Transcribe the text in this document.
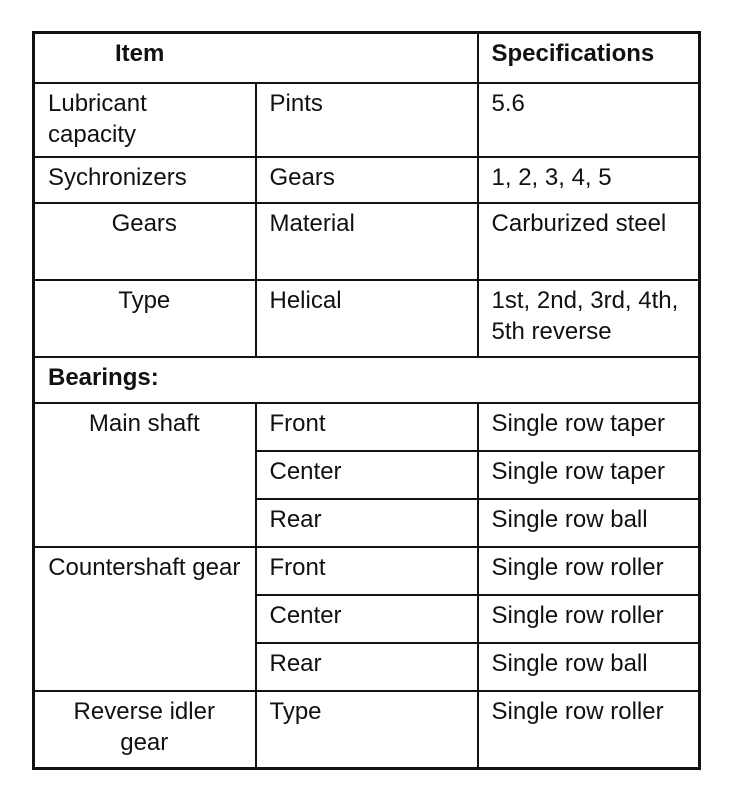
Item		Specifications
Lubricant capacity	Pints	5.6
Sychronizers	Gears	1, 2, 3, 4, 5
Gears	Material	Carburized steel
Type	Helical	1st, 2nd, 3rd, 4th, 5th reverse
Bearings:		
Main shaft	Front	Single row taper
	Center	Single row taper
	Rear	Single row ball
Countershaft gear	Front	Single row roller
	Center	Single row roller
	Rear	Single row ball
Reverse idler gear	Type	Single row roller
